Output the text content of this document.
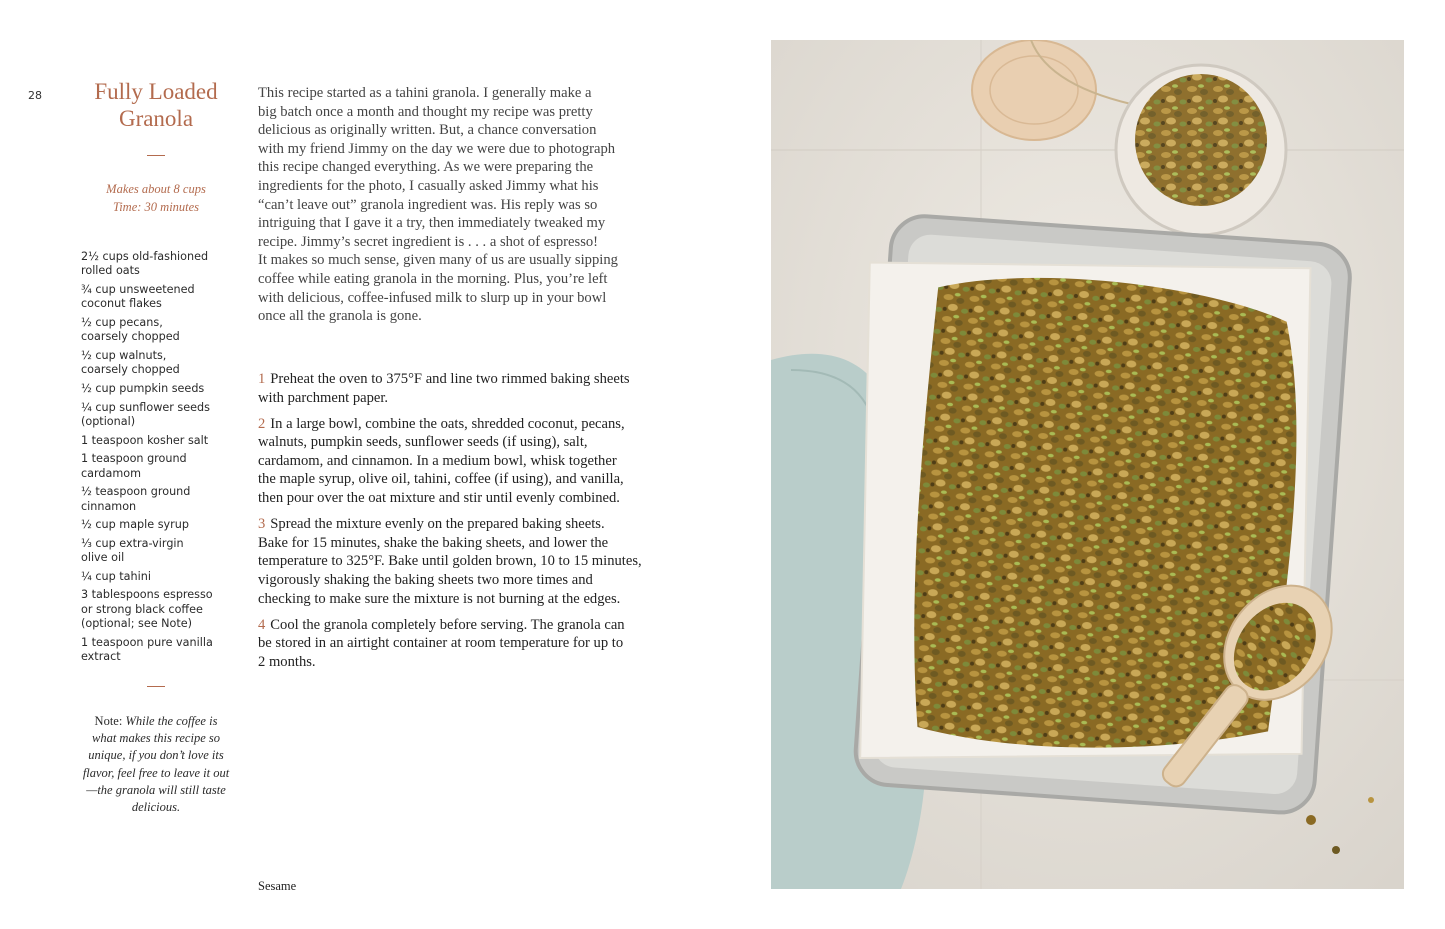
28	Fully Loaded
Granola
Makes about 8 cups
Time: 30 minutes
2½ cups old-fashioned
rolled oats
¾ cup unsweetened
coconut flakes
½ cup pecans,
coarsely chopped
½ cup walnuts,
coarsely chopped
½ cup pumpkin seeds
¼ cup sunflower seeds
(optional)
1 teaspoon kosher salt
1 teaspoon ground
cardamom
½ teaspoon ground
cinnamon
½ cup maple syrup
⅓ cup extra-virgin
olive oil
¼ cup tahini
3 tablespoons espresso
or strong black coffee
(optional; see Note)
1 teaspoon pure vanilla
extract
Note: While the coffee is what makes this recipe so unique, if you don’t love its flavor, feel free to leave it out—the granola will still taste delicious.
This recipe started as a tahini granola. I generally make a
big batch once a month and thought my recipe was pretty
delicious as originally written. But, a chance conversation
with my friend Jimmy on the day we were due to photograph
this recipe changed everything. As we were preparing the
ingredients for the photo, I casually asked Jimmy what his
“can’t leave out” granola ingredient was. His reply was so
intriguing that I gave it a try, then immediately tweaked my
recipe. Jimmy’s secret ingredient is . . . a shot of espresso!
It makes so much sense, given many of us are usually sipping
coffee while eating granola in the morning. Plus, you’re left
with delicious, coffee-infused milk to slurp up in your bowl
once all the granola is gone.
1 Preheat the oven to 375°F and line two rimmed baking sheets
with parchment paper.
2 In a large bowl, combine the oats, shredded coconut, pecans,
walnuts, pumpkin seeds, sunflower seeds (if using), salt,
cardamom, and cinnamon. In a medium bowl, whisk together
the maple syrup, olive oil, tahini, coffee (if using), and vanilla,
then pour over the oat mixture and stir until evenly combined.
3 Spread the mixture evenly on the prepared baking sheets.
Bake for 15 minutes, shake the baking sheets, and lower the
temperature to 325°F. Bake until golden brown, 10 to 15 minutes,
vigorously shaking the baking sheets two more times and
checking to make sure the mixture is not burning at the edges.
4 Cool the granola completely before serving. The granola can
be stored in an airtight container at room temperature for up to
2 months.
Sesame
